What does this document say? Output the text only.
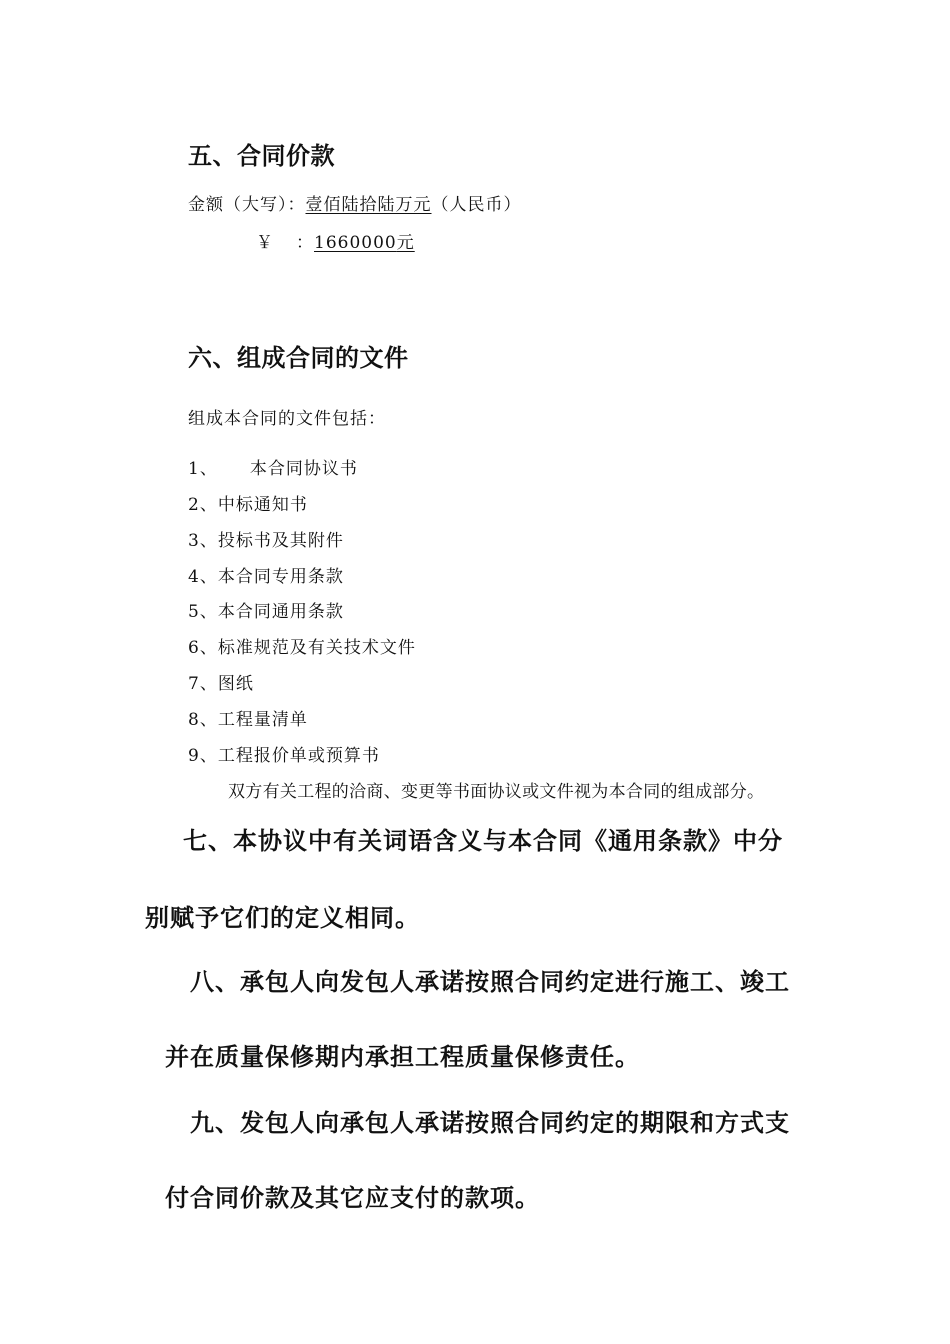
五、合同价款
金额（大写）：壹佰陆拾陆万元（人民币）
￥ ：1660000元
六、组成合同的文件
组成本合同的文件包括：
1、     本合同协议书
2、中标通知书
3、投标书及其附件
4、本合同专用条款
5、本合同通用条款
6、标准规范及有关技术文件
7、图纸
8、工程量清单
9、工程报价单或预算书
双方有关工程的洽商、变更等书面协议或文件视为本合同的组成部分。
七、本协议中有关词语含义与本合同《通用条款》中分
别赋予它们的定义相同。
八、承包人向发包人承诺按照合同约定进行施工、竣工
并在质量保修期内承担工程质量保修责任。
九、发包人向承包人承诺按照合同约定的期限和方式支
付合同价款及其它应支付的款项。
